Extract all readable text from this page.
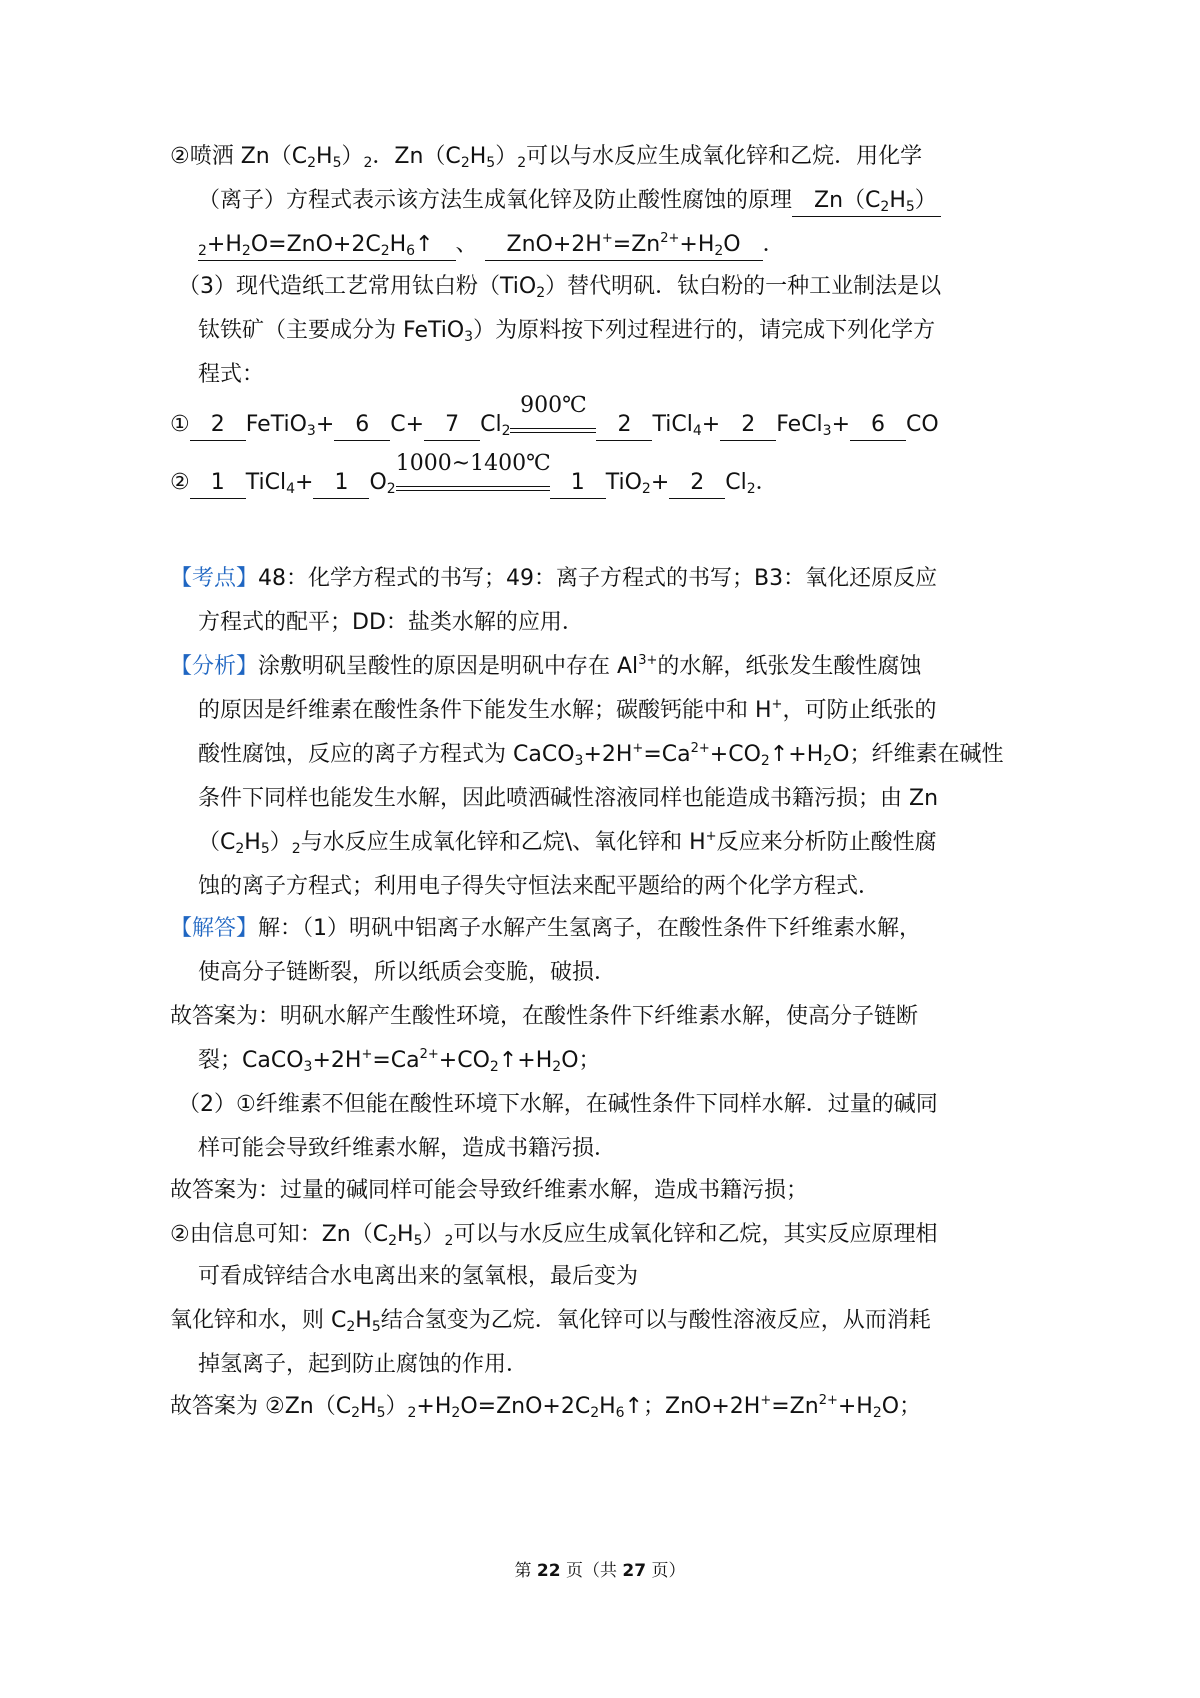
②喷洒 $Zn(C_2H_5)_2$．$Zn(C_2H_5)_2$可以与水反应生成氧化锌和乙烷．用化学
（离子）方程式表示该方法生成氧化锌及防止酸性腐蚀的原理 $Zn(C_2H_5)$
$_2+H_2O=ZnO+2C_2H_6↑$ 、 $ZnO+2H^+=Zn^{2+}+H_2O$ ．
（3）现代造纸工艺常用钛白粉（TiO$_2$）替代明矾．钛白粉的一种工业制法是以
钛铁矿（主要成分为 FeTiO$_3$）为原料按下列过程进行的，请完成下列化学方
程式：
① 2 FeTiO$_3$+ 6 C+ 7 $Cl_2$
900℃
2 TiCl$_4$+ 2 FeCl$_3$+ 6 CO
② 1 TiCl$_4$+ 1 $O_2$
1000~1400℃
1 TiO$_2$+ 2 $Cl_2$．
【考点】48：化学方程式的书写；49：离子方程式的书写；B3：氧化还原反应
方程式的配平；DD：盐类水解的应用．
【分析】涂敷明矾呈酸性的原因是明矾中存在 $Al^{3+}$的水解，纸张发生酸性腐蚀
的原因是纤维素在酸性条件下能发生水解；碳酸钙能中和 H+，可防止纸张的
酸性腐蚀，反应的离子方程式为 $CaCO_3+2H^+=Ca^{2+}+CO_2↑+H_2O$；纤维素在碱性
条件下同样也能发生水解，因此喷洒碱性溶液同样也能造成书籍污损；由 Zn
$(C_2H_5)_2$与水反应生成氧化锌和乙烷\、氧化锌和 H+反应来分析防止酸性腐
蚀的离子方程式；利用电子得失守恒法来配平题给的两个化学方程式．
【解答】解：（1）明矾中铝离子水解产生氢离子，在酸性条件下纤维素水解，
使高分子链断裂，所以纸质会变脆，破损．
故答案为：明矾水解产生酸性环境，在酸性条件下纤维素水解，使高分子链断
裂；$CaCO_3+2H^+=Ca^{2+}+CO_2↑+H_2O$；
（2）①纤维素不但能在酸性环境下水解，在碱性条件下同样水解．过量的碱同
样可能会导致纤维素水解，造成书籍污损．
故答案为：过量的碱同样可能会导致纤维素水解，造成书籍污损；
②由信息可知：$Zn(C_2H_5)_2$可以与水反应生成氧化锌和乙烷，其实反应原理相
可看成锌结合水电离出来的氢氧根，最后变为
氧化锌和水，则 $C_2H_5$结合氢变为乙烷．氧化锌可以与酸性溶液反应，从而消耗
掉氢离子，起到防止腐蚀的作用．
故答案为 $②Zn(C_2H_5)_2+H_2O=ZnO+2C_2H_6↑$；$ZnO+2H^+=Zn^{2+}+H_2O$；
第 22 页（共 27 页）
